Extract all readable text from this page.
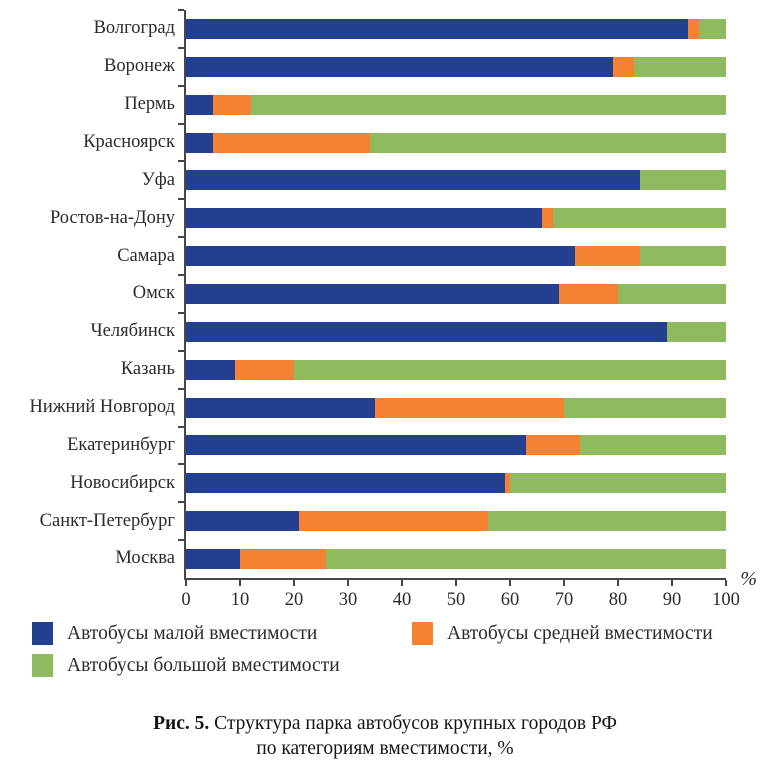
Волгоград
Воронеж
Пермь
Красноярск
Уфа
Ростов-на-Дону
Самара
Омск
Челябинск
Казань
Нижний Новгород
Екатеринбург
Новосибирск
Санкт-Петербург
Москва
0 10 20 30 40 50 60 70 80 90 100
%
Автобусы малой вместимости	Автобусы средней вместимости
Автобусы большой вместимости
Рис. 5. Структура парка автобусов крупных городов РФ
по категориям вместимости, %
